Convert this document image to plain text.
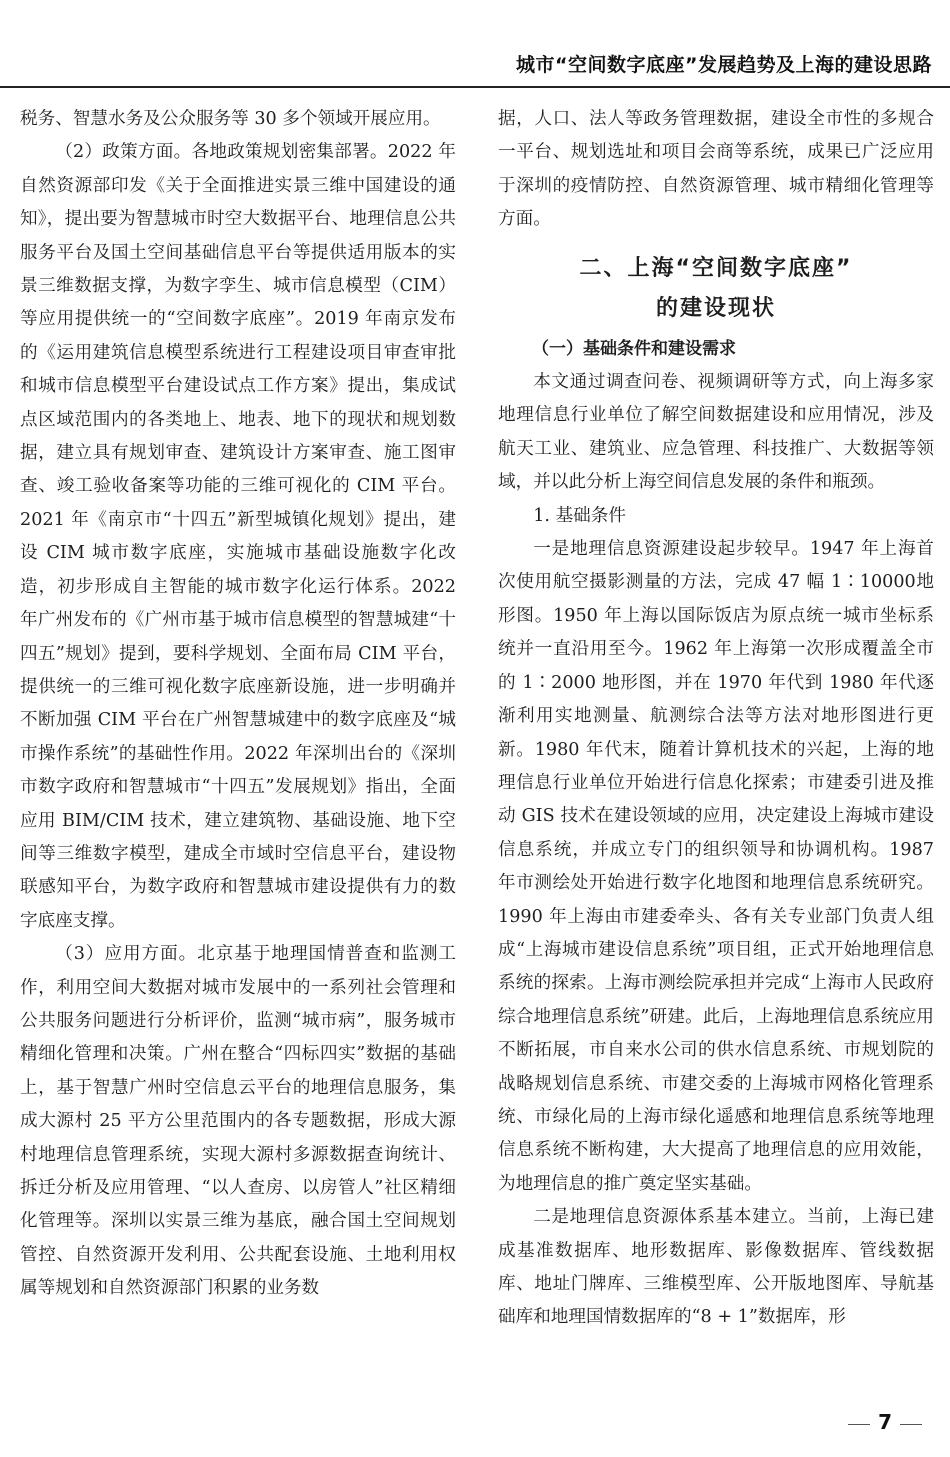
城市“空间数字底座”发展趋势及上海的建设思路

税务、智慧水务及公众服务等 30 多个领域开展应用。

（2）政策方面。各地政策规划密集部署。2022 年自然资源部印发《关于全面推进实景三维中国建设的通知》，提出要为智慧城市时空大数据平台、地理信息公共服务平台及国土空间基础信息平台等提供适用版本的实景三维数据支撑，为数字孪生、城市信息模型（CIM）等应用提供统一的“空间数字底座”。2019 年南京发布的《运用建筑信息模型系统进行工程建设项目审查审批和城市信息模型平台建设试点工作方案》提出，集成试点区域范围内的各类地上、地表、地下的现状和规划数据，建立具有规划审查、建筑设计方案审查、施工图审查、竣工验收备案等功能的三维可视化的 CIM 平台。2021 年《南京市“十四五”新型城镇化规划》提出，建设 CIM 城市数字底座，实施城市基础设施数字化改造，初步形成自主智能的城市数字化运行体系。2022 年广州发布的《广州市基于城市信息模型的智慧城建“十四五”规划》提到，要科学规划、全面布局 CIM 平台，提供统一的三维可视化数字底座新设施，进一步明确并不断加强 CIM 平台在广州智慧城建中的数字底座及“城市操作系统”的基础性作用。2022 年深圳出台的《深圳市数字政府和智慧城市“十四五”发展规划》指出，全面应用 BIM/CIM 技术，建立建筑物、基础设施、地下空间等三维数字模型，建成全市域时空信息平台，建设物联感知平台，为数字政府和智慧城市建设提供有力的数字底座支撑。

（3）应用方面。北京基于地理国情普查和监测工作，利用空间大数据对城市发展中的一系列社会管理和公共服务问题进行分析评价，监测“城市病”，服务城市精细化管理和决策。广州在整合“四标四实”数据的基础上，基于智慧广州时空信息云平台的地理信息服务，集成大源村 25 平方公里范围内的各专题数据，形成大源村地理信息管理系统，实现大源村多源数据查询统计、拆迁分析及应用管理、“以人查房、以房管人”社区精细化管理等。深圳以实景三维为基底，融合国土空间规划管控、自然资源开发利用、公共配套设施、土地利用权属等规划和自然资源部门积累的业务数

据，人口、法人等政务管理数据，建设全市性的多规合一平台、规划选址和项目会商等系统，成果已广泛应用于深圳的疫情防控、自然资源管理、城市精细化管理等方面。

二、上海“空间数字底座”
的建设现状

（一）基础条件和建设需求

本文通过调查问卷、视频调研等方式，向上海多家地理信息行业单位了解空间数据建设和应用情况，涉及航天工业、建筑业、应急管理、科技推广、大数据等领域，并以此分析上海空间信息发展的条件和瓶颈。

1. 基础条件

一是地理信息资源建设起步较早。1947 年上海首次使用航空摄影测量的方法，完成 47 幅 1∶10000地形图。1950 年上海以国际饭店为原点统一城市坐标系统并一直沿用至今。1962 年上海第一次形成覆盖全市的 1∶2000 地形图，并在 1970 年代到 1980 年代逐渐利用实地测量、航测综合法等方法对地形图进行更新。1980 年代末，随着计算机技术的兴起，上海的地理信息行业单位开始进行信息化探索；市建委引进及推动 GIS 技术在建设领域的应用，决定建设上海城市建设信息系统，并成立专门的组织领导和协调机构。1987 年市测绘处开始进行数字化地图和地理信息系统研究。1990 年上海由市建委牵头、各有关专业部门负责人组成“上海城市建设信息系统”项目组，正式开始地理信息系统的探索。上海市测绘院承担并完成“上海市人民政府综合地理信息系统”研建。此后，上海地理信息系统应用不断拓展，市自来水公司的供水信息系统、市规划院的战略规划信息系统、市建交委的上海城市网格化管理系统、市绿化局的上海市绿化遥感和地理信息系统等地理信息系统不断构建，大大提高了地理信息的应用效能，为地理信息的推广奠定坚实基础。

二是地理信息资源体系基本建立。当前，上海已建成基准数据库、地形数据库、影像数据库、管线数据库、地址门牌库、三维模型库、公开版地图库、导航基础库和地理国情数据库的“8 + 1”数据库，形

7
